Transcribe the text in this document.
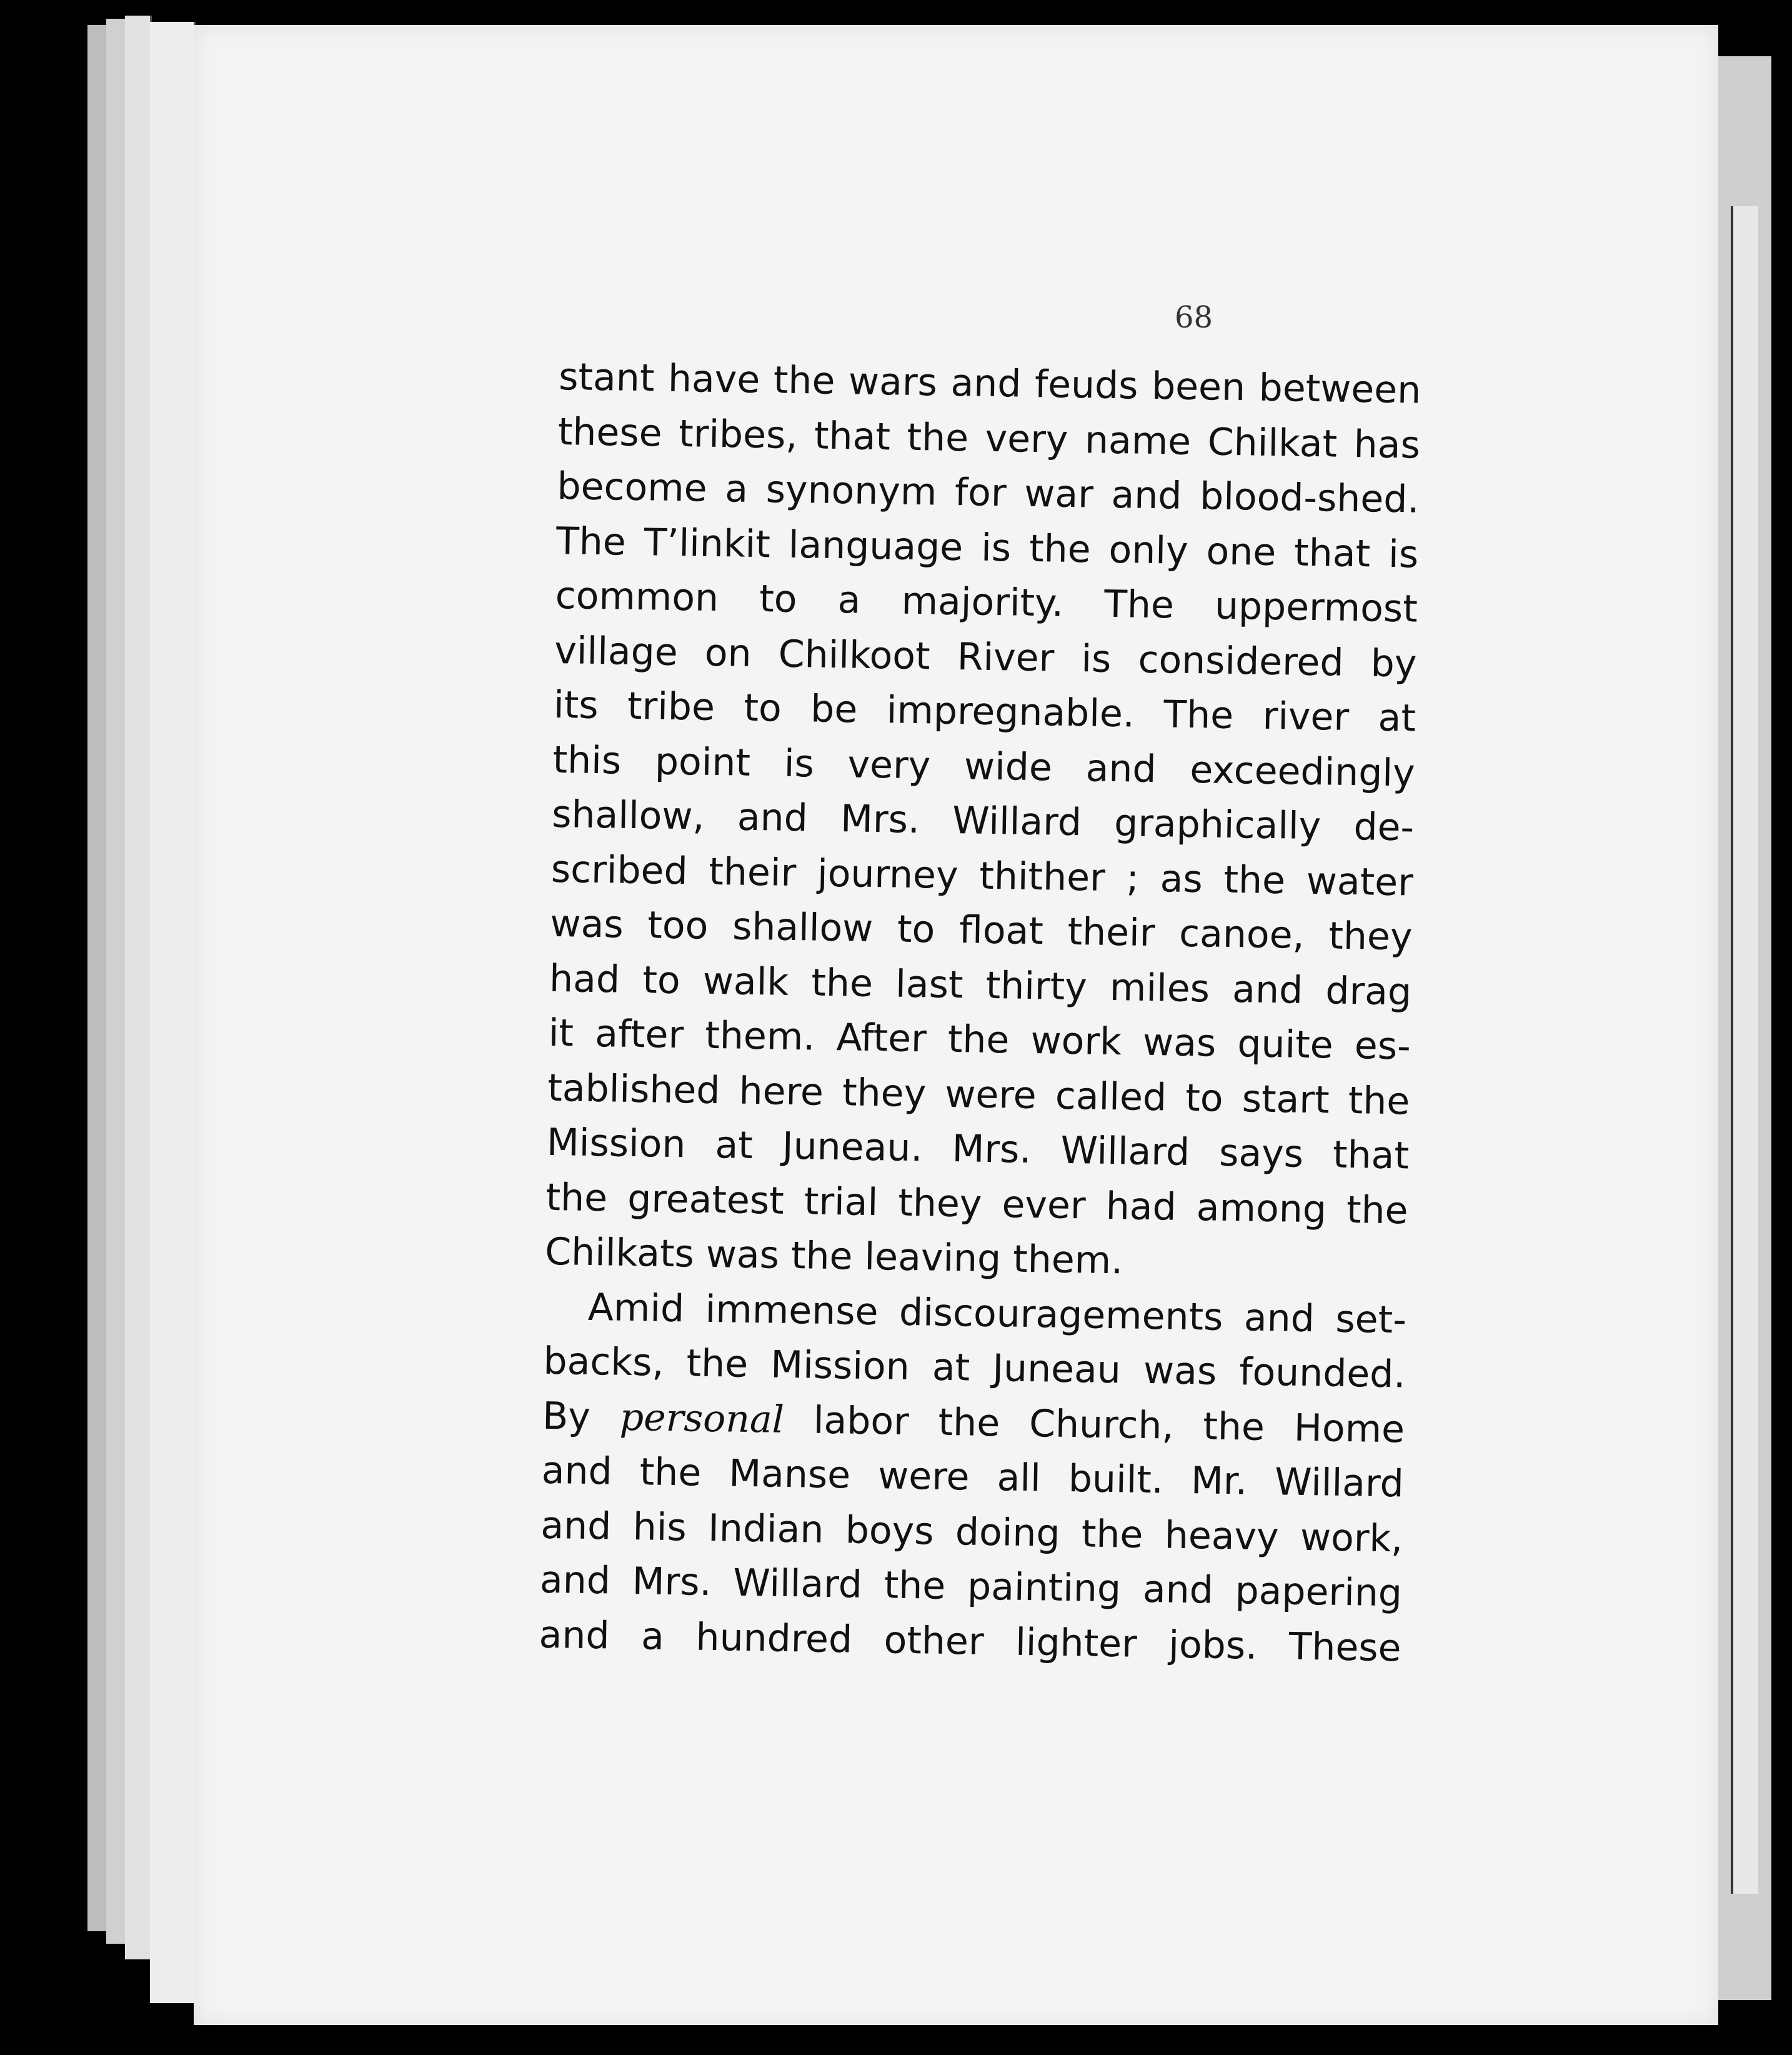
68
stant have the wars and feuds been between
these tribes, that the very name Chilkat has
become a synonym for war and blood-shed.
The T’linkit language is the only one that is
common to a majority. The uppermost
village on Chilkoot River is considered by
its tribe to be impregnable. The river at
this point is very wide and exceedingly
shallow, and Mrs. Willard graphically de-
scribed their journey thither ; as the water
was too shallow to float their canoe, they
had to walk the last thirty miles and drag
it after them. After the work was quite es-
tablished here they were called to start the
Mission at Juneau. Mrs. Willard says that
the greatest trial they ever had among the
Chilkats was the leaving them.
Amid immense discouragements and set-
backs, the Mission at Juneau was founded.
By personal labor the Church, the Home
and the Manse were all built. Mr. Willard
and his Indian boys doing the heavy work,
and Mrs. Willard the painting and papering
and a hundred other lighter jobs. These
